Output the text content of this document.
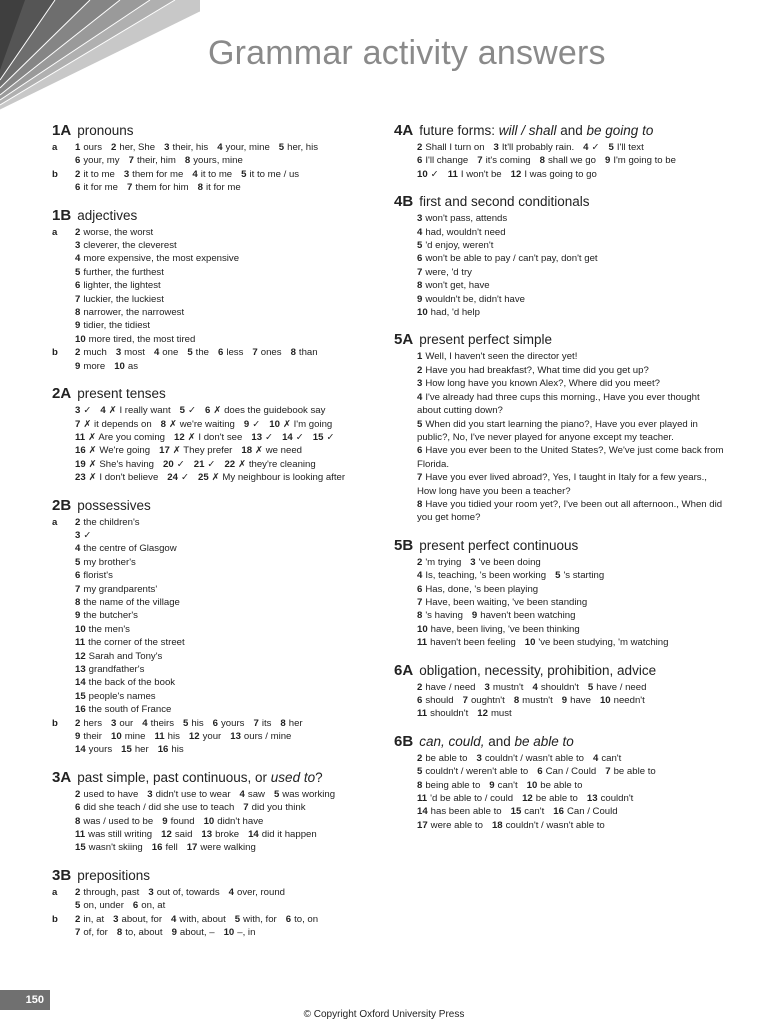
Grammar activity answers
1A pronouns
a 1 ours 2 her, She 3 their, his 4 your, mine 5 her, his
6 your, my 7 their, him 8 yours, mine
b 2 it to me 3 them for me 4 it to me 5 it to me / us
6 it for me 7 them for him 8 it for me
1B adjectives
a 2 worse, the worst
3 cleverer, the cleverest
4 more expensive, the most expensive
5 further, the furthest
6 lighter, the lightest
7 luckier, the luckiest
8 narrower, the narrowest
9 tidier, the tidiest
10 more tired, the most tired
b 2 much 3 most 4 one 5 the 6 less 7 ones 8 than
9 more 10 as
2A present tenses
3 ✓ 4 ✗ I really want 5 ✓ 6 ✗ does the guidebook say
7 ✗ it depends on 8 ✗ we're waiting 9 ✓ 10 ✗ I'm going
11 ✗ Are you coming 12 ✗ I don't see 13 ✓ 14 ✓ 15 ✓
16 ✗ We're going 17 ✗ They prefer 18 ✗ we need
19 ✗ She's having 20 ✓ 21 ✓ 22 ✗ they're cleaning
23 ✗ I don't believe 24 ✓ 25 ✗ My neighbour is looking after
2B possessives
a 2 the children's
3 ✓
4 the centre of Glasgow
5 my brother's
6 florist's
7 my grandparents'
8 the name of the village
9 the butcher's
10 the men's
11 the corner of the street
12 Sarah and Tony's
13 grandfather's
14 the back of the book
15 people's names
16 the south of France
b 2 hers 3 our 4 theirs 5 his 6 yours 7 its 8 her
9 their 10 mine 11 his 12 your 13 ours / mine
14 yours 15 her 16 his
3A past simple, past continuous, or used to?
2 used to have 3 didn't use to wear 4 saw 5 was working
6 did she teach / did she use to teach 7 did you think
8 was / used to be 9 found 10 didn't have
11 was still writing 12 said 13 broke 14 did it happen
15 wasn't skiing 16 fell 17 were walking
3B prepositions
a 2 through, past 3 out of, towards 4 over, round
5 on, under 6 on, at
b 2 in, at 3 about, for 4 with, about 5 with, for 6 to, on
7 of, for 8 to, about 9 about, – 10 –, in
4A future forms: will / shall and be going to
2 Shall I turn on 3 It'll probably rain. 4 ✓ 5 I'll text
6 I'll change 7 it's coming 8 shall we go 9 I'm going to be
10 ✓ 11 I won't be 12 I was going to go
4B first and second conditionals
3 won't pass, attends
4 had, wouldn't need
5 'd enjoy, weren't
6 won't be able to pay / can't pay, don't get
7 were, 'd try
8 won't get, have
9 wouldn't be, didn't have
10 had, 'd help
5A present perfect simple
1 Well, I haven't seen the director yet!
2 Have you had breakfast?, What time did you get up?
3 How long have you known Alex?, Where did you meet?
4 I've already had three cups this morning., Have you ever thought about cutting down?
5 When did you start learning the piano?, Have you ever played in public?, No, I've never played for anyone except my teacher.
6 Have you ever been to the United States?, We've just come back from Florida.
7 Have you ever lived abroad?, Yes, I taught in Italy for a few years., How long have you been a teacher?
8 Have you tidied your room yet?, I've been out all afternoon., When did you get home?
5B present perfect continuous
2 'm trying 3 've been doing
4 Is, teaching, 's been working 5 's starting
6 Has, done, 's been playing
7 Have, been waiting, 've been standing
8 's having 9 haven't been watching
10 have, been living, 've been thinking
11 haven't been feeling 10 've been studying, 'm watching
6A obligation, necessity, prohibition, advice
2 have / need 3 mustn't 4 shouldn't 5 have / need
6 should 7 oughtn't 8 mustn't 9 have 10 needn't
11 shouldn't 12 must
6B can, could, and be able to
2 be able to 3 couldn't / wasn't able to 4 can't
5 couldn't / weren't able to 6 Can / Could 7 be able to
8 being able to 9 can't 10 be able to
11 'd be able to / could 12 be able to 13 couldn't
14 has been able to 15 can't 16 Can / Could
17 were able to 18 couldn't / wasn't able to
150
© Copyright Oxford University Press
